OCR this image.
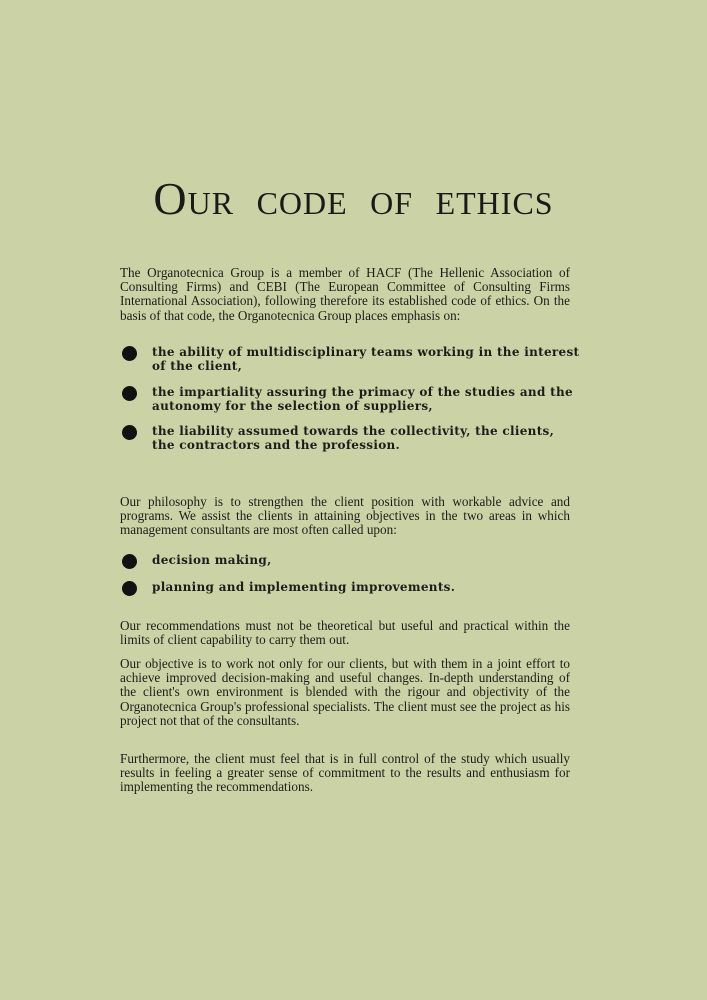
Our code of ethics

The Organotecnica Group is a member of HACF (The Hellenic Association of Consulting Firms) and CEBI (The European Committee of Consulting Firms International Association), following therefore its established code of ethics. On the basis of that code, the Organotecnica Group places emphasis on:

the ability of multidisciplinary teams working in the interest of the client,
the impartiality assuring the primacy of the studies and the autonomy for the selection of suppliers,
the liability assumed towards the collectivity, the clients, the contractors and the profession.

Our philosophy is to strengthen the client position with workable advice and programs. We assist the clients in attaining objectives in the two areas in which management consultants are most often called upon:

decision making,
planning and implementing improvements.

Our recommendations must not be theoretical but useful and practical within the limits of client capability to carry them out.

Our objective is to work not only for our clients, but with them in a joint effort to achieve improved decision-making and useful changes. In-depth understanding of the client's own environment is blended with the rigour and objectivity of the Organotecnica Group's professional specialists. The client must see the project as his project not that of the consultants.

Furthermore, the client must feel that is in full control of the study which usually results in feeling a greater sense of commitment to the results and enthusiasm for implementing the recommendations.
